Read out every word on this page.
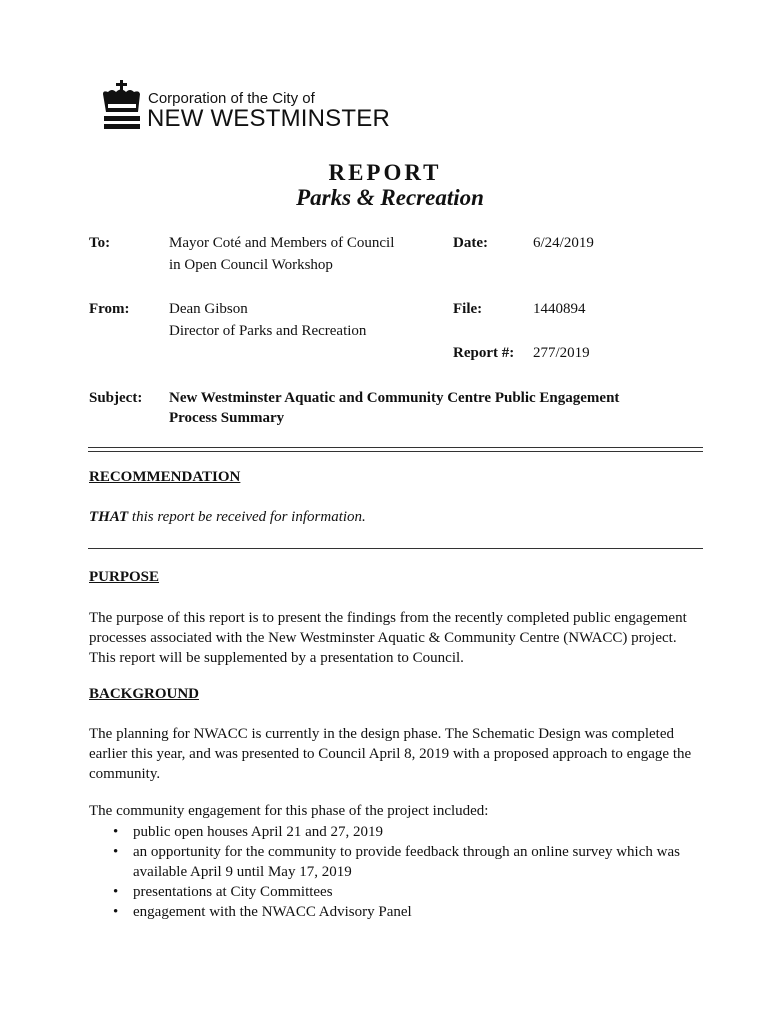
Corporation of the City of
NEW WESTMINSTER
REPORT
Parks & Recreation
To:	Mayor Coté and Members of Council
in Open Council Workshop
Date:	6/24/2019
From:	Dean Gibson
Director of Parks and Recreation
File:	1440894
Report #: 277/2019
Subject: New Westminster Aquatic and Community Centre Public Engagement
Process Summary
RECOMMENDATION
THAT this report be received for information.
PURPOSE
The purpose of this report is to present the findings from the recently completed public engagement processes associated with the New Westminster Aquatic & Community Centre (NWACC) project. This report will be supplemented by a presentation to Council.
BACKGROUND
The planning for NWACC is currently in the design phase. The Schematic Design was completed earlier this year, and was presented to Council April 8, 2019 with a proposed approach to engage the community.
The community engagement for this phase of the project included:
• public open houses April 21 and 27, 2019
• an opportunity for the community to provide feedback through an online survey which was available April 9 until May 17, 2019
• presentations at City Committees
• engagement with the NWACC Advisory Panel
